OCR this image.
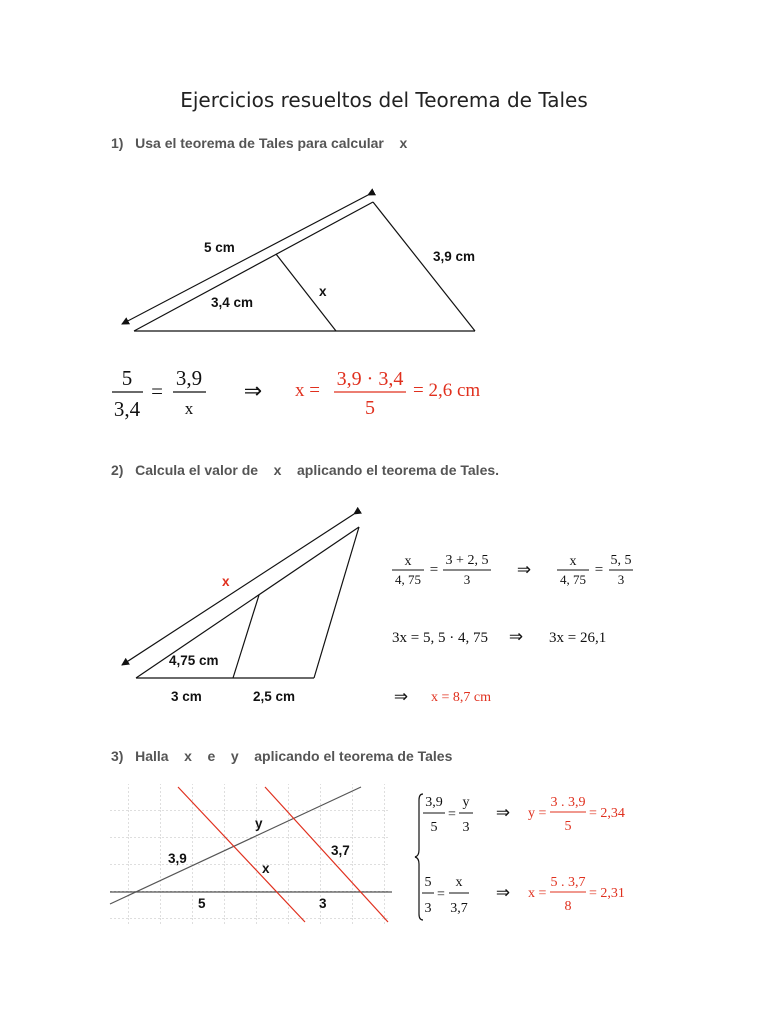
Ejercicios resueltos del Teorema de Tales
1) Usa el teorema de Tales para calcular x
2) Calcula el valor de x aplicando el teorema de Tales.
3) Halla x e y aplicando el teorema de Tales
5 cm
3,4 cm
3,9 cm
x
5
3,4
=
3,9
x
⇒ x =
3,9 · 3,4
5
= 2,6 cm
x
4,75 cm
3 cm	2,5 cm
x
4, 75
=
3 + 2, 5
3
⇒	x
4, 75
=
5, 5
3
3x = 5, 5 · 4, 75 ⇒ 3x = 26,1
⇒ x = 8,7 cm
3,9
3,7
5	3
x
y
3,9
5
=
y
3
⇒ y =
3 . 3,9
5
= 2,34
5
3
=
x
3,7
⇒ x =
5 . 3,7
8
= 2,31
